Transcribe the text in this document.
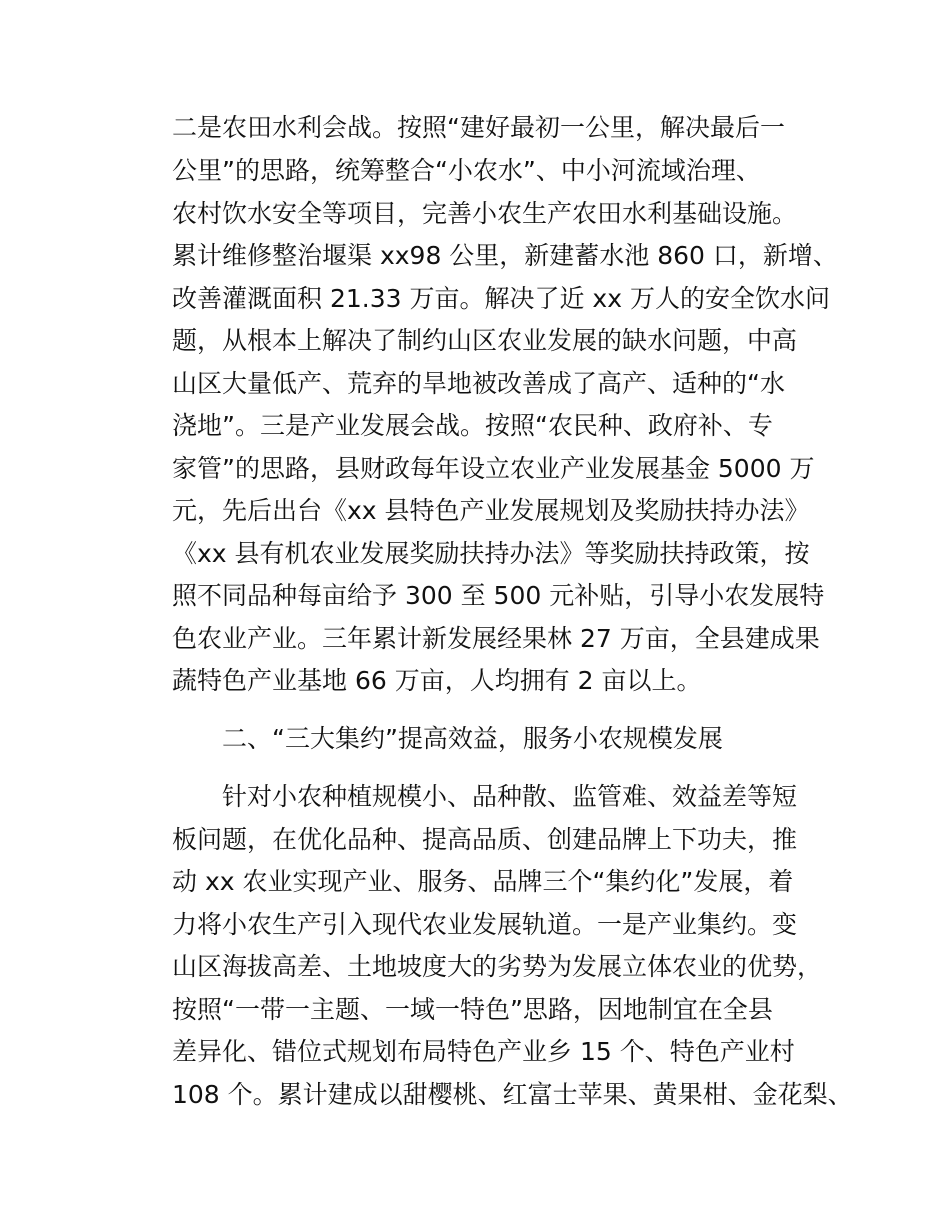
二是农田水利会战。按照“建好最初一公里，解决最后一
公里”的思路，统筹整合“小农水”、中小河流域治理、
农村饮水安全等项目，完善小农生产农田水利基础设施。
累计维修整治堰渠 xx98 公里，新建蓄水池 860 口，新增、
改善灌溉面积 21.33 万亩。解决了近 xx 万人的安全饮水问
题，从根本上解决了制约山区农业发展的缺水问题，中高
山区大量低产、荒弃的旱地被改善成了高产、适种的“水
浇地”。三是产业发展会战。按照“农民种、政府补、专
家管”的思路，县财政每年设立农业产业发展基金 5000 万
元，先后出台《xx 县特色产业发展规划及奖励扶持办法》
《xx 县有机农业发展奖励扶持办法》等奖励扶持政策，按
照不同品种每亩给予 300 至 500 元补贴，引导小农发展特
色农业产业。三年累计新发展经果林 27 万亩，全县建成果
蔬特色产业基地 66 万亩，人均拥有 2 亩以上。
二、“三大集约”提高效益，服务小农规模发展
针对小农种植规模小、品种散、监管难、效益差等短
板问题，在优化品种、提高品质、创建品牌上下功夫，推
动 xx 农业实现产业、服务、品牌三个“集约化”发展，着
力将小农生产引入现代农业发展轨道。一是产业集约。变
山区海拔高差、土地坡度大的劣势为发展立体农业的优势，
按照“一带一主题、一域一特色”思路，因地制宜在全县
差异化、错位式规划布局特色产业乡 15 个、特色产业村
108 个。累计建成以甜樱桃、红富士苹果、黄果柑、金花梨、
